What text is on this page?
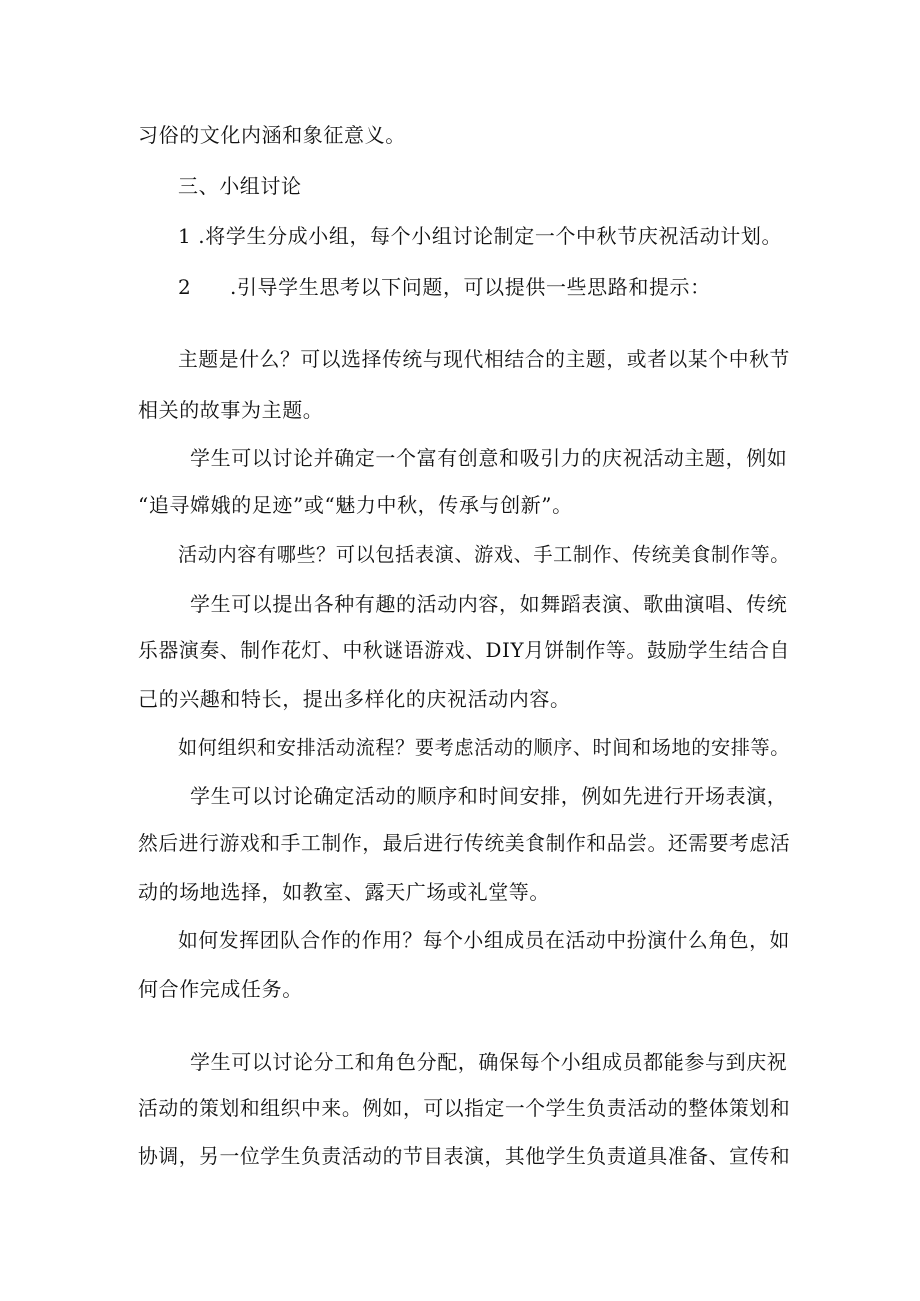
习俗的文化内涵和象征意义。
三、小组讨论
1 .将学生分成小组，每个小组讨论制定一个中秋节庆祝活动计划。
2 .引导学生思考以下问题，可以提供一些思路和提示：
主题是什么？可以选择传统与现代相结合的主题，或者以某个中秋节
相关的故事为主题。
学生可以讨论并确定一个富有创意和吸引力的庆祝活动主题，例如
“追寻嫦娥的足迹”或“魅力中秋，传承与创新”。
活动内容有哪些？可以包括表演、游戏、手工制作、传统美食制作等。
学生可以提出各种有趣的活动内容，如舞蹈表演、歌曲演唱、传统
乐器演奏、制作花灯、中秋谜语游戏、DIY月饼制作等。鼓励学生结合自
己的兴趣和特长，提出多样化的庆祝活动内容。
如何组织和安排活动流程？要考虑活动的顺序、时间和场地的安排等。
学生可以讨论确定活动的顺序和时间安排，例如先进行开场表演，
然后进行游戏和手工制作，最后进行传统美食制作和品尝。还需要考虑活
动的场地选择，如教室、露天广场或礼堂等。
如何发挥团队合作的作用？每个小组成员在活动中扮演什么角色，如
何合作完成任务。
学生可以讨论分工和角色分配，确保每个小组成员都能参与到庆祝
活动的策划和组织中来。例如，可以指定一个学生负责活动的整体策划和
协调，另一位学生负责活动的节目表演，其他学生负责道具准备、宣传和
